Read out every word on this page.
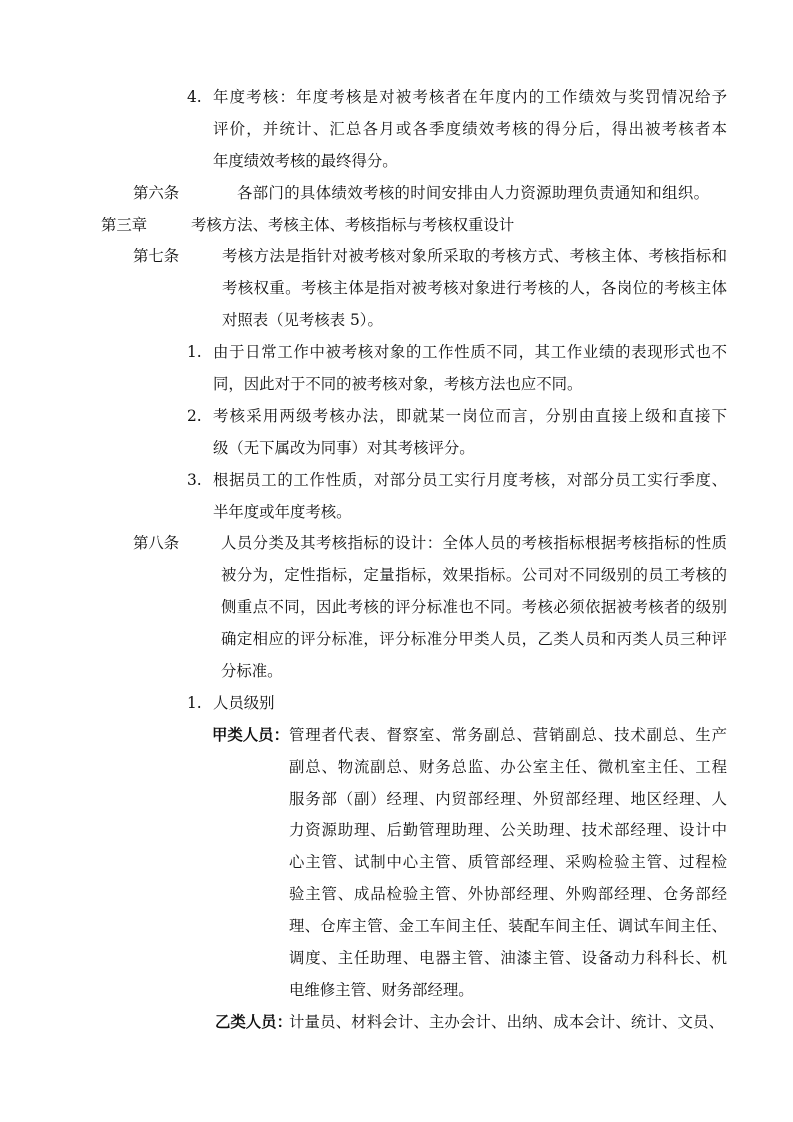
4. 年度考核：年度考核是对被考核者在年度内的工作绩效与奖罚情况给予
评价，并统计、汇总各月或各季度绩效考核的得分后，得出被考核者本
年度绩效考核的最终得分。
第六条	各部门的具体绩效考核的时间安排由人力资源助理负责通知和组织。
第三章	考核方法、考核主体、考核指标与考核权重设计
第七条	考核方法是指针对被考核对象所采取的考核方式、考核主体、考核指标和
考核权重。考核主体是指对被考核对象进行考核的人，各岗位的考核主体
对照表（见考核表 5）。
1. 由于日常工作中被考核对象的工作性质不同，其工作业绩的表现形式也不
同，因此对于不同的被考核对象，考核方法也应不同。
2. 考核采用两级考核办法，即就某一岗位而言，分别由直接上级和直接下
级（无下属改为同事）对其考核评分。
3. 根据员工的工作性质，对部分员工实行月度考核，对部分员工实行季度、
半年度或年度考核。
第八条	人员分类及其考核指标的设计：全体人员的考核指标根据考核指标的性质
被分为，定性指标，定量指标，效果指标。公司对不同级别的员工考核的
侧重点不同，因此考核的评分标准也不同。考核必须依据被考核者的级别
确定相应的评分标准，评分标准分甲类人员，乙类人员和丙类人员三种评
分标准。
1. 人员级别
甲类人员： 管理者代表、督察室、常务副总、营销副总、技术副总、生产
副总、物流副总、财务总监、办公室主任、微机室主任、工程
服务部（副）经理、内贸部经理、外贸部经理、地区经理、人
力资源助理、后勤管理助理、公关助理、技术部经理、设计中
心主管、试制中心主管、质管部经理、采购检验主管、过程检
验主管、成品检验主管、外协部经理、外购部经理、仓务部经
理、仓库主管、金工车间主任、装配车间主任、调试车间主任、
调度、主任助理、电器主管、油漆主管、设备动力科科长、机
电维修主管、财务部经理。
乙类人员：
计量员、材料会计、主办会计、出纳、成本会计、统计、文员、
